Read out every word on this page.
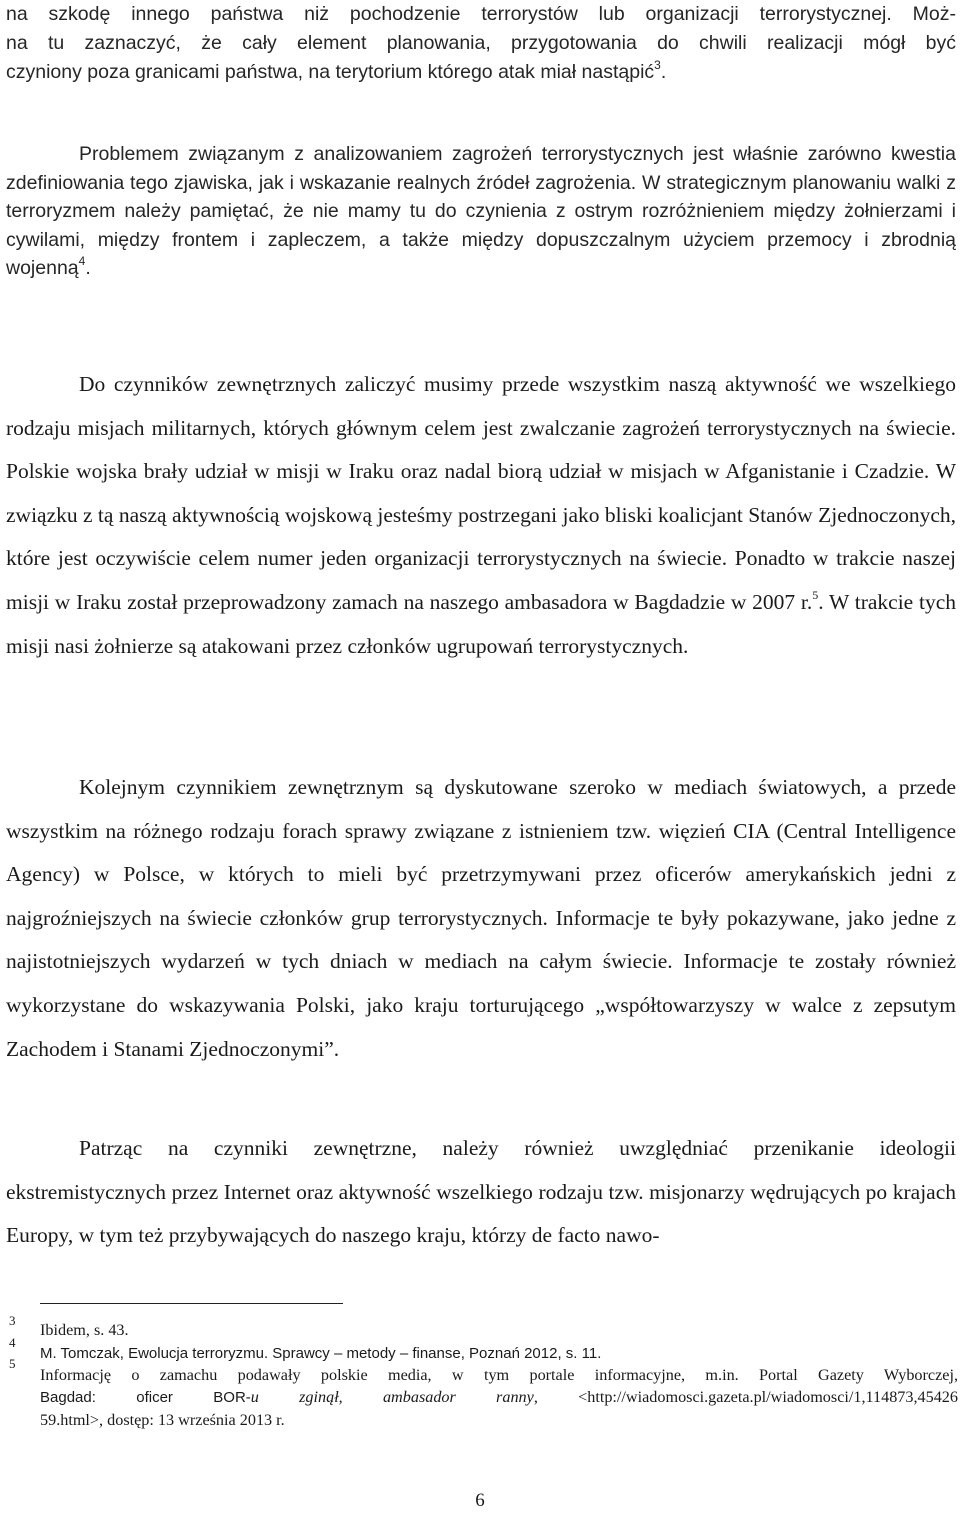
na szkodę innego państwa niż pochodzenie terrorystów lub organizacji terrorystycznej. Moż-
na tu zaznaczyć, że cały element planowania, przygotowania do chwili realizacji mógł być
czyniony poza granicami państwa, na terytorium którego atak miał nastąpić$^3$.

Problemem związanym z analizowaniem zagrożeń terrorystycznych jest właśnie zarówno kwestia zdefiniowania tego zjawiska, jak i wskazanie realnych źródeł zagrożenia. W strategicznym planowaniu walki z terroryzmem należy pamiętać, że nie mamy tu do czynienia z ostrym rozróżnieniem między żołnierzami i cywilami, między frontem i zapleczem, a także między dopuszczalnym użyciem przemocy i zbrodnią wojenną$^4$.

Do czynników zewnętrznych zaliczyć musimy przede wszystkim naszą aktywność we wszelkiego rodzaju misjach militarnych, których głównym celem jest zwalczanie zagrożeń terrorystycznych na świecie. Polskie wojska brały udział w misji w Iraku oraz nadal biorą udział w misjach w Afganistanie i Czadzie. W związku z tą naszą aktywnością wojskową jesteśmy postrzegani jako bliski koalicjant Stanów Zjednoczonych, które jest oczywiście celem numer jeden organizacji terrorystycznych na świecie. Ponadto w trakcie naszej misji w Iraku został przeprowadzony zamach na naszego ambasadora w Bagdadzie w 2007 r.$^5$. W trakcie tych misji nasi żołnierze są atakowani przez członków ugrupowań terrorystycznych.

Kolejnym czynnikiem zewnętrznym są dyskutowane szeroko w mediach światowych, a przede wszystkim na różnego rodzaju forach sprawy związane z istnieniem tzw. więzień CIA (Central Intelligence Agency) w Polsce, w których to mieli być przetrzymywani przez oficerów amerykańskich jedni z najgroźniejszych na świecie członków grup terrorystycznych. Informacje te były pokazywane, jako jedne z najistotniejszych wydarzeń w tych dniach w mediach na całym świecie. Informacje te zostały również wykorzystane do wskazywania Polski, jako kraju torturującego „współtowarzyszy w walce z zepsutym Zachodem i Stanami Zjednoczonymi”.

Patrząc na czynniki zewnętrzne, należy również uwzględniać przenikanie ideologii ekstremistycznych przez Internet oraz aktywność wszelkiego rodzaju tzw. misjonarzy wędrujących po krajach Europy, w tym też przybywających do naszego kraju, którzy de facto nawo-

3
4
5
Ibidem, s. 43.
M. Tomczak, Ewolucja terroryzmu. Sprawcy – metody – finanse, Poznań 2012, s. 11.
Informację o zamachu podawały polskie media, w tym portale informacyjne, m.in. Portal Gazety Wyborczej,
Bagdad: oficer BOR-u zginął, ambasador ranny, <http://wiadomosci.gazeta.pl/wiadomosci/1,114873,45426
59.html>, dostęp: 13 września 2013 r.
6
